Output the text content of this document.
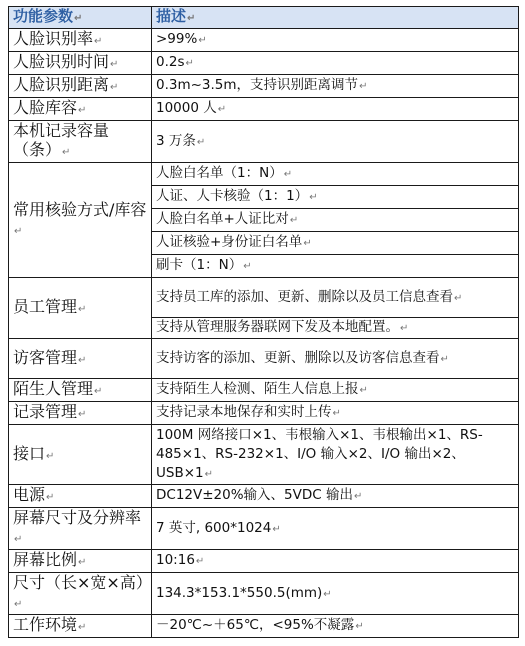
功能参数↵	描述↵
人脸识别率↵	>99%↵
人脸识别时间↵	0.2s↵
人脸识别距离↵	0.3m~3.5m，支持识别距离调节↵
人脸库容↵	10000 人↵
本机记录容量（条）↵	3 万条↵
常用核验方式/库容↵	人脸白名单（1：N）↵
	人证、人卡核验（1：1）↵
	人脸白名单+人证比对↵
	人证核验+身份证白名单↵
	刷卡（1：N）↵
员工管理↵	支持员工库的添加、更新、删除以及员工信息查看↵
	支持从管理服务器联网下发及本地配置。↵
访客管理↵	支持访客的添加、更新、删除以及访客信息查看↵
陌生人管理↵	支持陌生人检测、陌生人信息上报↵
记录管理↵	支持记录本地保存和实时上传↵
接口↵	100M 网络接口×1、韦根输入×1、韦根输出×1、RS-485×1、RS-232×1、I/O 输入×2、I/O 输出×2、USB×1↵
电源↵	DC12V±20%输入、5VDC 输出↵
屏幕尺寸及分辨率↵	7 英寸, 600*1024↵
屏幕比例↵	10:16↵
尺寸（长×宽×高）↵	134.3*153.1*550.5(mm)↵
工作环境↵	－20℃~＋65℃，<95%不凝露↵
